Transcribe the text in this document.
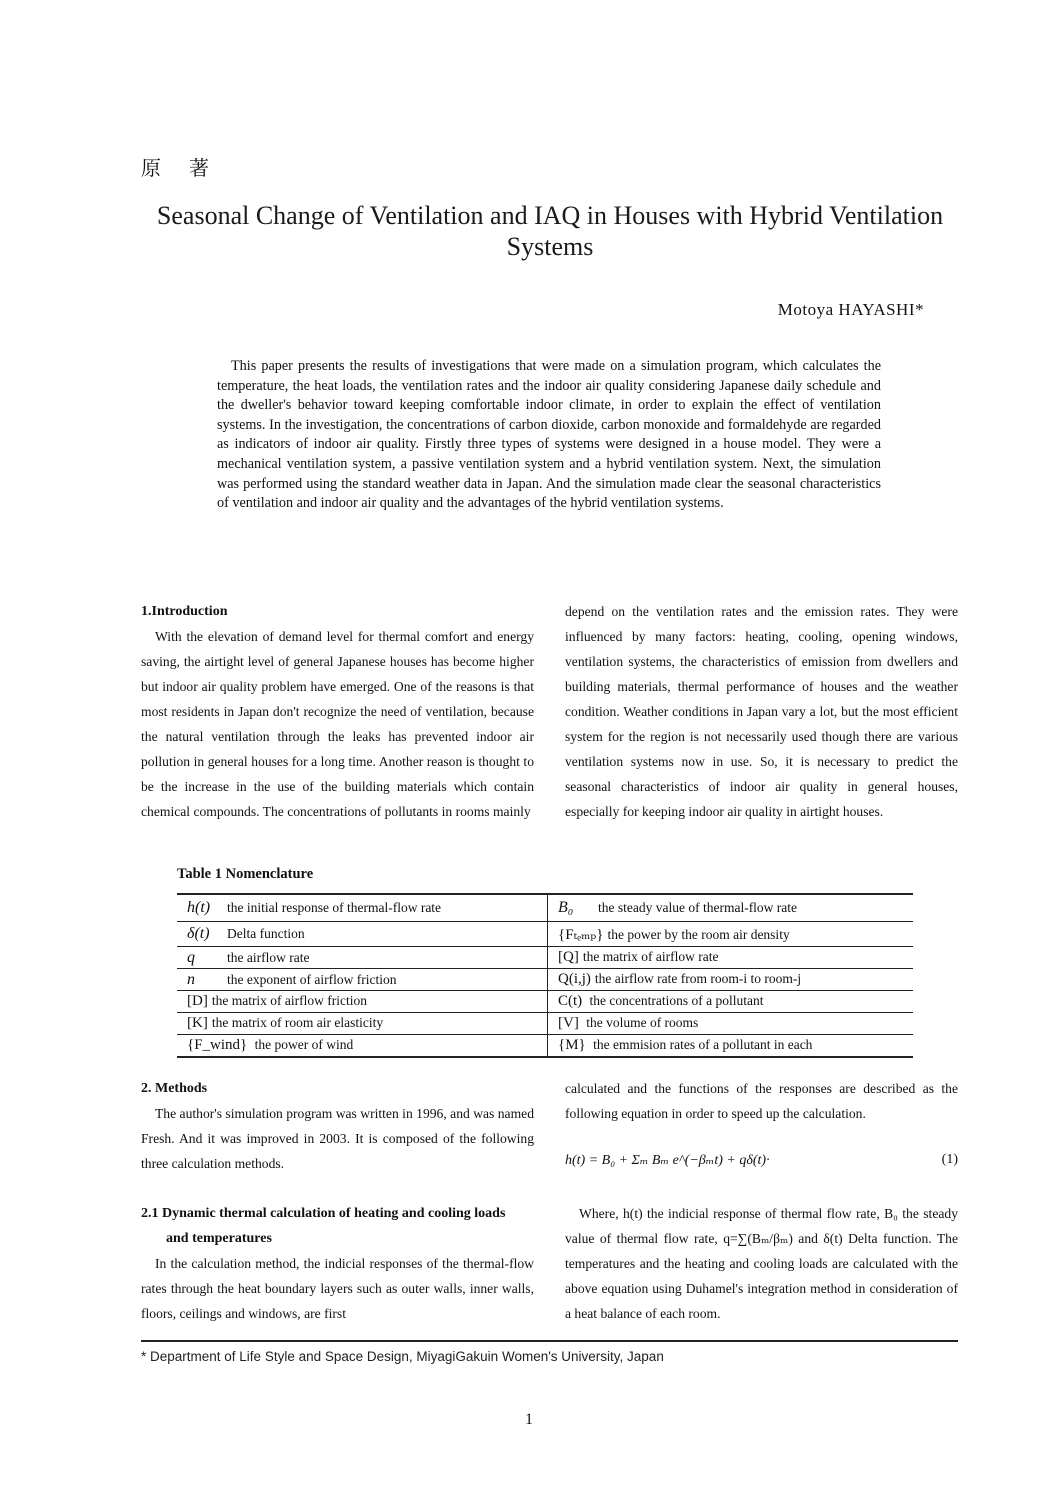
原 著
Seasonal Change of Ventilation and IAQ in Houses with Hybrid Ventilation Systems
Motoya HAYASHI*
This paper presents the results of investigations that were made on a simulation program, which calculates the temperature, the heat loads, the ventilation rates and the indoor air quality considering Japanese daily schedule and the dweller's behavior toward keeping comfortable indoor climate, in order to explain the effect of ventilation systems. In the investigation, the concentrations of carbon dioxide, carbon monoxide and formaldehyde are regarded as indicators of indoor air quality. Firstly three types of systems were designed in a house model. They were a mechanical ventilation system, a passive ventilation system and a hybrid ventilation system. Next, the simulation was performed using the standard weather data in Japan. And the simulation made clear the seasonal characteristics of ventilation and indoor air quality and the advantages of the hybrid ventilation systems.

1.Introduction

With the elevation of demand level for thermal comfort and energy saving, the airtight level of general Japanese houses has become higher but indoor air quality problem have emerged. One of the reasons is that most residents in Japan don't recognize the need of ventilation, because the natural ventilation through the leaks has prevented indoor air pollution in general houses for a long time. Another reason is thought to be the increase in the use of the building materials which contain chemical compounds. The concentrations of pollutants in rooms mainly

depend on the ventilation rates and the emission rates. They were influenced by many factors: heating, cooling, opening windows, ventilation systems, the characteristics of emission from dwellers and building materials, thermal performance of houses and the weather condition. Weather conditions in Japan vary a lot, but the most efficient system for the region is not necessarily used though there are various ventilation systems now in use. So, it is necessary to predict the seasonal characteristics of indoor air quality in general houses, especially for keeping indoor air quality in airtight houses.

Table 1 Nomenclature
h(t) the initial response of thermal-flow rate	B₀ the steady value of thermal-flow rate
δ(t) Delta function	{Fₜₑₘₚ} the power by the room air density
q the airflow rate	[Q] the matrix of airflow rate
n the exponent of airflow friction	Q(i,j) the airflow rate from room-i to room-j
[D] the matrix of airflow friction	C(t) the concentrations of a pollutant
[K] the matrix of room air elasticity	[V] the volume of rooms
{F_wind} the power of wind	{M} the emmision rates of a pollutant in each

2. Methods

The author's simulation program was written in 1996, and was named Fresh. And it was improved in 2003. It is composed of the following three calculation methods.

calculated and the functions of the responses are described as the following equation in order to speed up the calculation.

h(t) = B₀ + Σₘ Bₘ e^(−βₘt) + qδ(t)·	(1)

2.1 Dynamic thermal calculation of heating and cooling loads

and temperatures

In the calculation method, the indicial responses of the thermal-flow rates through the heat boundary layers such as outer walls, inner walls, floors, ceilings and windows, are first

Where, h(t) the indicial response of thermal flow rate, B₀ the steady value of thermal flow rate, q=∑(Bₘ/βₘ) and δ(t) Delta function. The temperatures and the heating and cooling loads are calculated with the above equation using Duhamel's integration method in consideration of a heat balance of each room.

* Department of Life Style and Space Design, MiyagiGakuin Women's University, Japan
1
